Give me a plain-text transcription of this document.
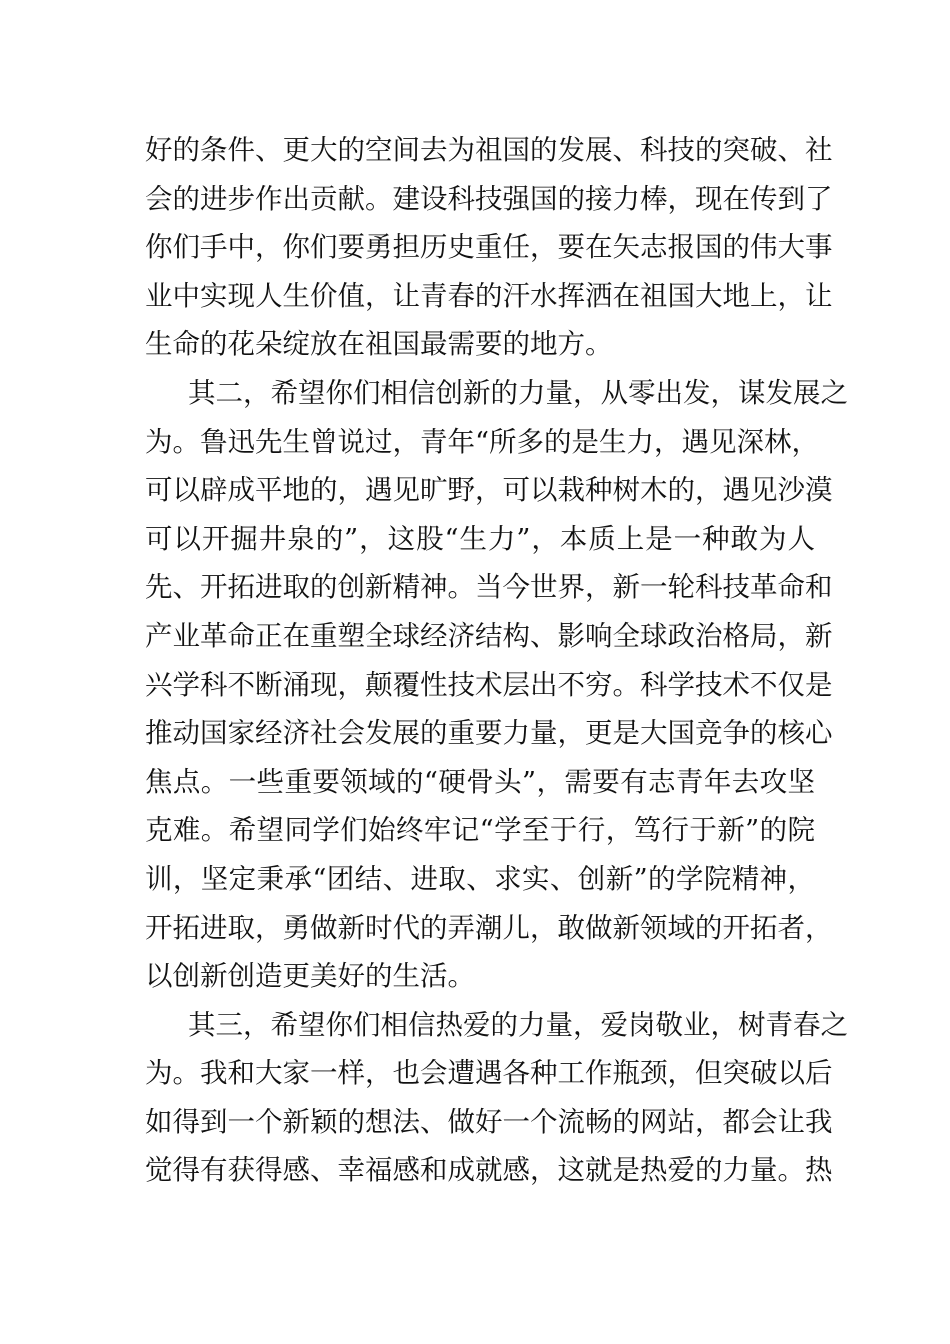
好的条件、更大的空间去为祖国的发展、科技的突破、社
会的进步作出贡献。建设科技强国的接力棒，现在传到了
你们手中，你们要勇担历史重任，要在矢志报国的伟大事
业中实现人生价值，让青春的汗水挥洒在祖国大地上，让
生命的花朵绽放在祖国最需要的地方。
其二，希望你们相信创新的力量，从零出发，谋发展之
为。鲁迅先生曾说过，青年“所多的是生力，遇见深林，
可以辟成平地的，遇见旷野，可以栽种树木的，遇见沙漠
可以开掘井泉的”，这股“生力”，本质上是一种敢为人
先、开拓进取的创新精神。当今世界，新一轮科技革命和
产业革命正在重塑全球经济结构、影响全球政治格局，新
兴学科不断涌现，颠覆性技术层出不穷。科学技术不仅是
推动国家经济社会发展的重要力量，更是大国竞争的核心
焦点。一些重要领域的“硬骨头”，需要有志青年去攻坚
克难。希望同学们始终牢记“学至于行，笃行于新”的院
训，坚定秉承“团结、进取、求实、创新”的学院精神，
开拓进取，勇做新时代的弄潮儿，敢做新领域的开拓者，
以创新创造更美好的生活。
其三，希望你们相信热爱的力量，爱岗敬业，树青春之
为。我和大家一样，也会遭遇各种工作瓶颈，但突破以后
如得到一个新颖的想法、做好一个流畅的网站，都会让我
觉得有获得感、幸福感和成就感，这就是热爱的力量。热
